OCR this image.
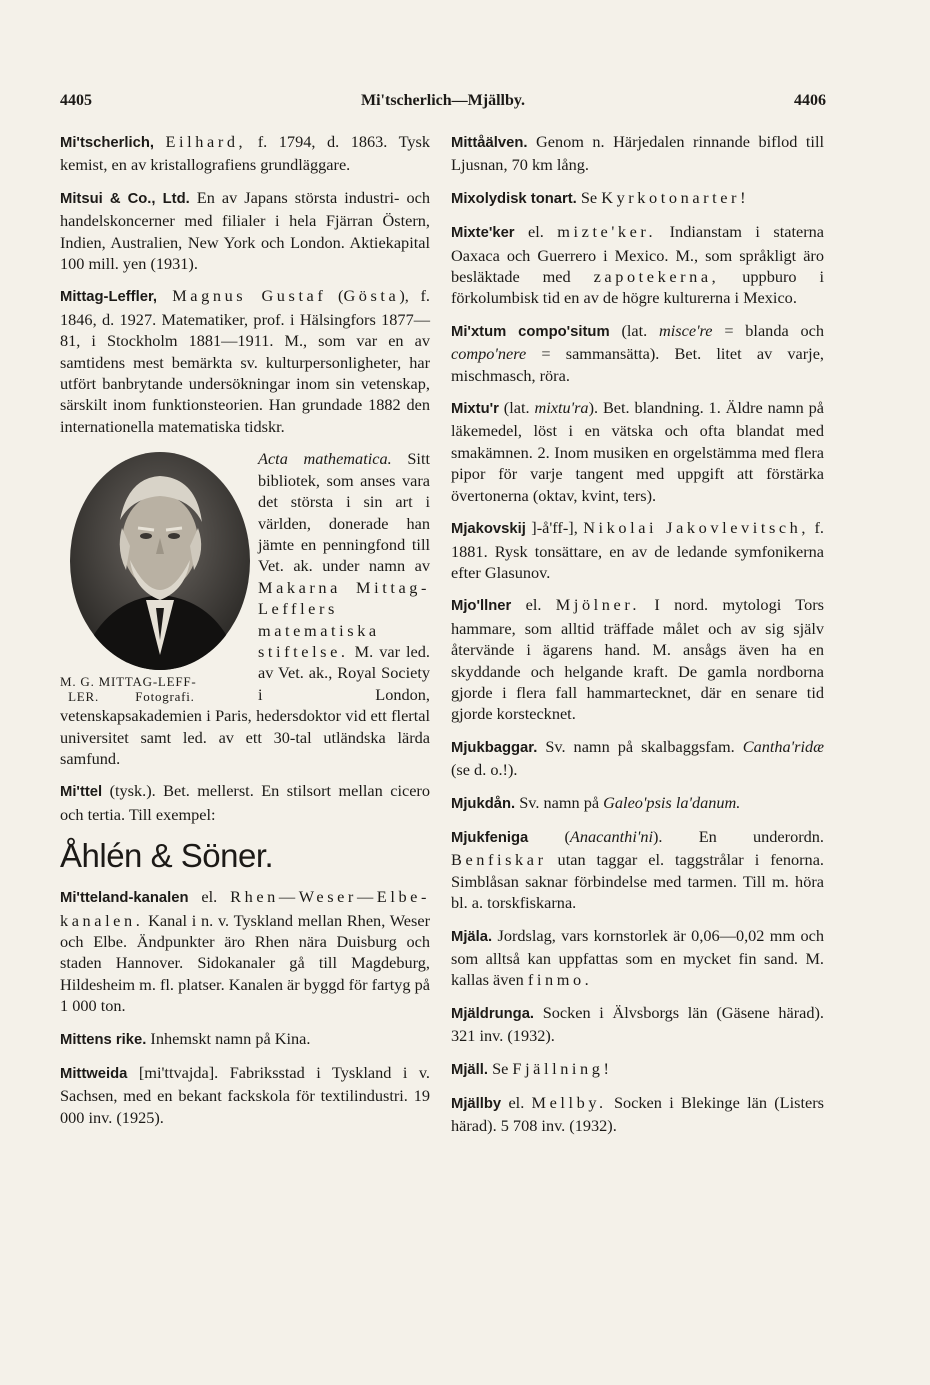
4405	Mi'tscherlich—Mjällby.	4406

Mi'tscherlich, Eilhard, f. 1794, d. 1863. Tysk kemist, en av kristallografiens grundläggare.

Mitsui & Co., Ltd. En av Japans största industri- och handelskoncerner med filialer i hela Fjärran Östern, Indien, Australien, New York och London. Aktiekapital 100 mill. yen (1931).

Mittag-Leffler, Magnus Gustaf (Gösta), f. 1846, d. 1927. Matematiker, prof. i Hälsingfors 1877—81, i Stockholm 1881—1911. M., som var en av samtidens mest bemärkta sv. kulturpersonligheter, har utfört banbrytande undersökningar inom sin vetenskap, särskilt inom funktionsteorien. Han grundade 1882 den internationella matematiska tidskr.

M. G. MITTAG-LEFF-
LER.	Fotografi.

Acta mathematica. Sitt bibliotek, som anses vara det största i sin art i världen, donerade han jämte en penningfond till Vet. ak. under namn av Makarna Mittag-Lefflers matematiska stiftelse. M. var led. av Vet. ak., Royal Society i London, vetenskapsakademien i Paris, hedersdoktor vid ett flertal universitet samt led. av ett 30-tal utländska lärda samfund.

Mi'ttel (tysk.). Bet. mellerst. En stilsort mellan cicero och tertia. Till exempel:

Åhlén & Söner.

Mi'tteland-kanalen el. Rhen—Weser—Elbe-kanalen. Kanal i n. v. Tyskland mellan Rhen, Weser och Elbe. Ändpunkter äro Rhen nära Duisburg och staden Hannover. Sidokanaler gå till Magdeburg, Hildesheim m. fl. platser. Kanalen är byggd för fartyg på 1 000 ton.

Mittens rike. Inhemskt namn på Kina.

Mittweida [mi'ttvajda]. Fabriksstad i Tyskland i v. Sachsen, med en bekant fackskola för textilindustri. 19 000 inv. (1925).

Mittåälven. Genom n. Härjedalen rinnande biflod till Ljusnan, 70 km lång.

Mixolydisk tonart. Se Kyrkotonarter!

Mixte'ker el. mizte'ker. Indianstam i staterna Oaxaca och Guerrero i Mexico. M., som språkligt äro besläktade med zapotekerna, uppburo i förkolumbisk tid en av de högre kulturerna i Mexico.

Mi'xtum compo'situm (lat. misce're = blanda och compo'nere = sammansätta). Bet. litet av varje, mischmasch, röra.

Mixtu'r (lat. mixtu'ra). Bet. blandning. 1. Äldre namn på läkemedel, löst i en vätska och ofta blandat med smakämnen. 2. Inom musiken en orgelstämma med flera pipor för varje tangent med uppgift att förstärka övertonerna (oktav, kvint, ters).

Mjakovskij ]-å'ff-], Nikolai Jakovlevitsch, f. 1881. Rysk tonsättare, en av de ledande symfonikerna efter Glasunov.

Mjo'llner el. Mjölner. I nord. mytologi Tors hammare, som alltid träffade målet och av sig själv återvände i ägarens hand. M. ansågs även ha en skyddande och helgande kraft. De gamla nordborna gjorde i flera fall hammartecknet, där en senare tid gjorde korstecknet.

Mjukbaggar. Sv. namn på skalbaggsfam. Cantha'ridæ (se d. o.!).

Mjukdån. Sv. namn på Galeo'psis la'danum.

Mjukfeniga (Anacanthi'ni). En underordn. Benfiskar utan taggar el. taggstrålar i fenorna. Simblåsan saknar förbindelse med tarmen. Till m. höra bl. a. torskfiskarna.

Mjäla. Jordslag, vars kornstorlek är 0,06—0,02 mm och som alltså kan uppfattas som en mycket fin sand. M. kallas även finmo.

Mjäldrunga. Socken i Älvsborgs län (Gäsene härad). 321 inv. (1932).

Mjäll. Se Fjällning!

Mjällby el. Mellby. Socken i Blekinge län (Listers härad). 5 708 inv. (1932).
